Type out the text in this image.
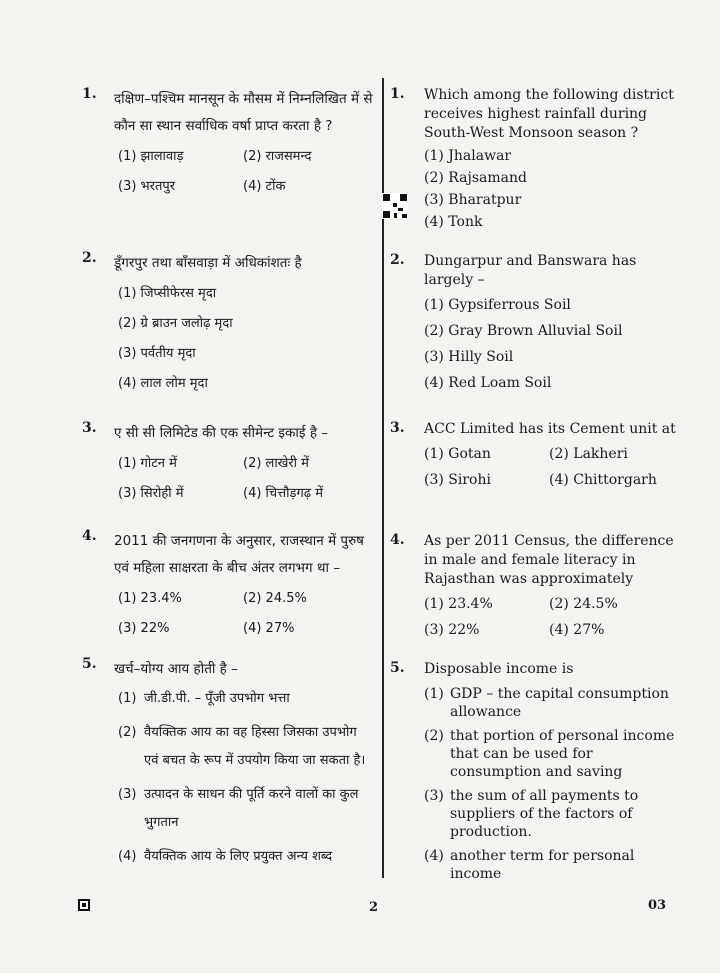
1. दक्षिण–पश्चिम मानसून के मौसम में निम्नलिखित में से कौन सा स्थान सर्वाधिक वर्षा प्राप्त करता है ?
(1) झालावाड़	(2) राजसमन्द
(3) भरतपुर	(4) टोंक
2. डूँगरपुर तथा बाँसवाड़ा में अधिकांशतः है
(1) जिप्सीफेरस मृदा
(2) ग्रे ब्राउन जलोढ़ मृदा
(3) पर्वतीय मृदा
(4) लाल लोम मृदा
3. ए सी सी लिमिटेड की एक सीमेन्ट इकाई है –
(1) गोटन में	(2) लाखेरी में
(3) सिरोही में	(4) चित्तौड़गढ़ में
4. 2011 की जनगणना के अनुसार, राजस्थान में पुरुष एवं महिला साक्षरता के बीच अंतर लगभग था –
(1) 23.4%	(2) 24.5%
(3) 22%	(4) 27%
5. खर्च–योग्य आय होती है –
(1) जी.डी.पी. – पूँजी उपभोग भत्ता
(2) वैयक्तिक आय का वह हिस्सा जिसका उपभोग एवं बचत के रूप में उपयोग किया जा सकता है।
(3) उत्पादन के साधन की पूर्ति करने वालों का कुल भुगतान
(4) वैयक्तिक आय के लिए प्रयुक्त अन्य शब्द
1. Which among the following district receives highest rainfall during South-West Monsoon season ?
(1) Jhalawar
(2) Rajsamand
(3) Bharatpur
(4) Tonk
2. Dungarpur and Banswara has largely –
(1) Gypsiferrous Soil
(2) Gray Brown Alluvial Soil
(3) Hilly Soil
(4) Red Loam Soil
3. ACC Limited has its Cement unit at
(1) Gotan	(2) Lakheri
(3) Sirohi	(4) Chittorgarh
4. As per 2011 Census, the difference in male and female literacy in Rajasthan was approximately
(1) 23.4%	(2) 24.5%
(3) 22%	(4) 27%
5. Disposable income is
(1) GDP – the capital consumption allowance
(2) that portion of personal income that can be used for consumption and saving
(3) the sum of all payments to suppliers of the factors of production.
(4) another term for personal income
2	03
